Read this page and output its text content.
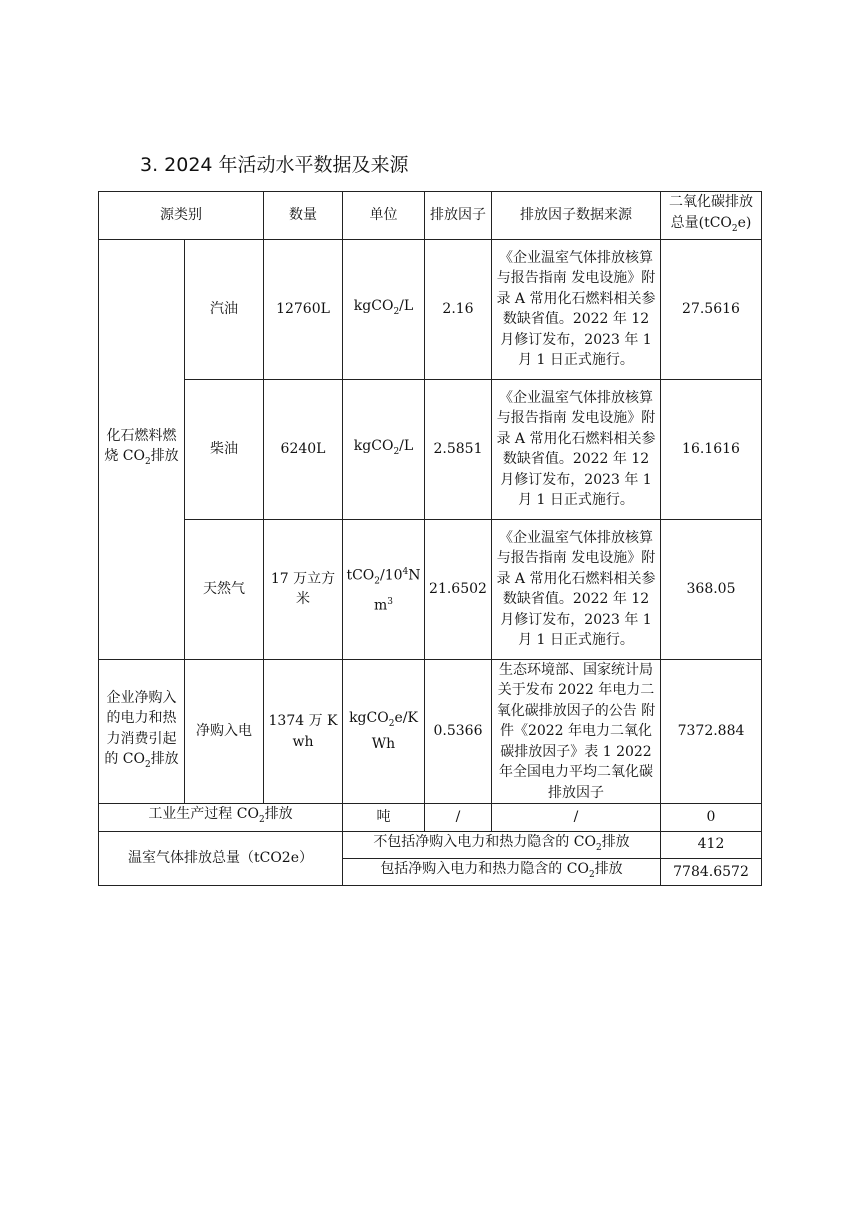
3. 2024 年活动水平数据及来源
源类别		数量	单位	排放因子	排放因子数据来源	二氧化碳排放
总量(tCO$_2$e)
化石燃料燃烧 $CO_2$排放	汽油	12760L	kgCO$_2$/L	2.16	《企业温室气体排放核算与报告指南 发电设施》附录 A 常用化石燃料相关参数缺省值。2022 年 12 月修订发布，2023 年 1 月 1 日正式施行。	27.5616
	柴油	6240L	kgCO$_2$/L	2.5851	《企业温室气体排放核算与报告指南 发电设施》附录 A 常用化石燃料相关参数缺省值。2022 年 12 月修订发布，2023 年 1 月 1 日正式施行。	16.1616
	天然气	17 万立方米	$tCO_2/10^4Nm^3$	21.6502	《企业温室气体排放核算与报告指南 发电设施》附录 A 常用化石燃料相关参数缺省值。2022 年 12 月修订发布，2023 年 1 月 1 日正式施行。	368.05
企业净购入的电力和热力消费引起的 $CO_2$排放	净购入电	1374 万 Kwh	kgCO$_2$e/KWh	0.5366	生态环境部、国家统计局关于发布 2022 年电力二氧化碳排放因子的公告 附件《2022 年电力二氧化碳排放因子》表 1 2022 年全国电力平均二氧化碳排放因子	7372.884
工业生产过程 $CO_2$排放			吨	/	/	0
温室气体排放总量（tCO2e）			不包括净购入电力和热力隐含的 $CO_2$排放			412
			包括净购入电力和热力隐含的 $CO_2$排放			7784.6572
